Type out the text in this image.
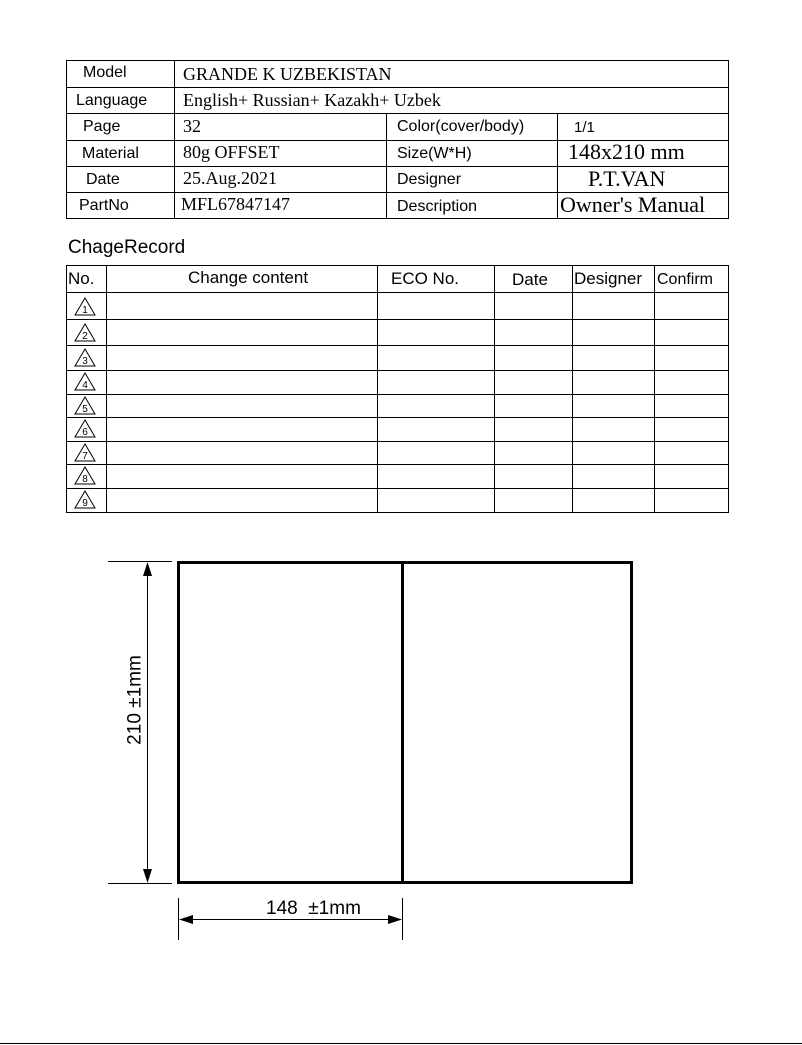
Model	GRANDE K UZBEKISTAN
Language English+ Russian+ Kazakh+ Uzbek
Page	32	Color(cover/body)	1/1
Material 80g OFFSET	Size(W*H)	148x210 mm
Date	25.Aug.2021	Designer	P.T.VAN
PartNo	MFL67847147	Description	Owner's Manual
ChageRecord
No.	Change content	ECO No.	Date Designer Confirm
1
2
3
4
5
6
7
8
9
210 ±1mm
148  ±1mm
